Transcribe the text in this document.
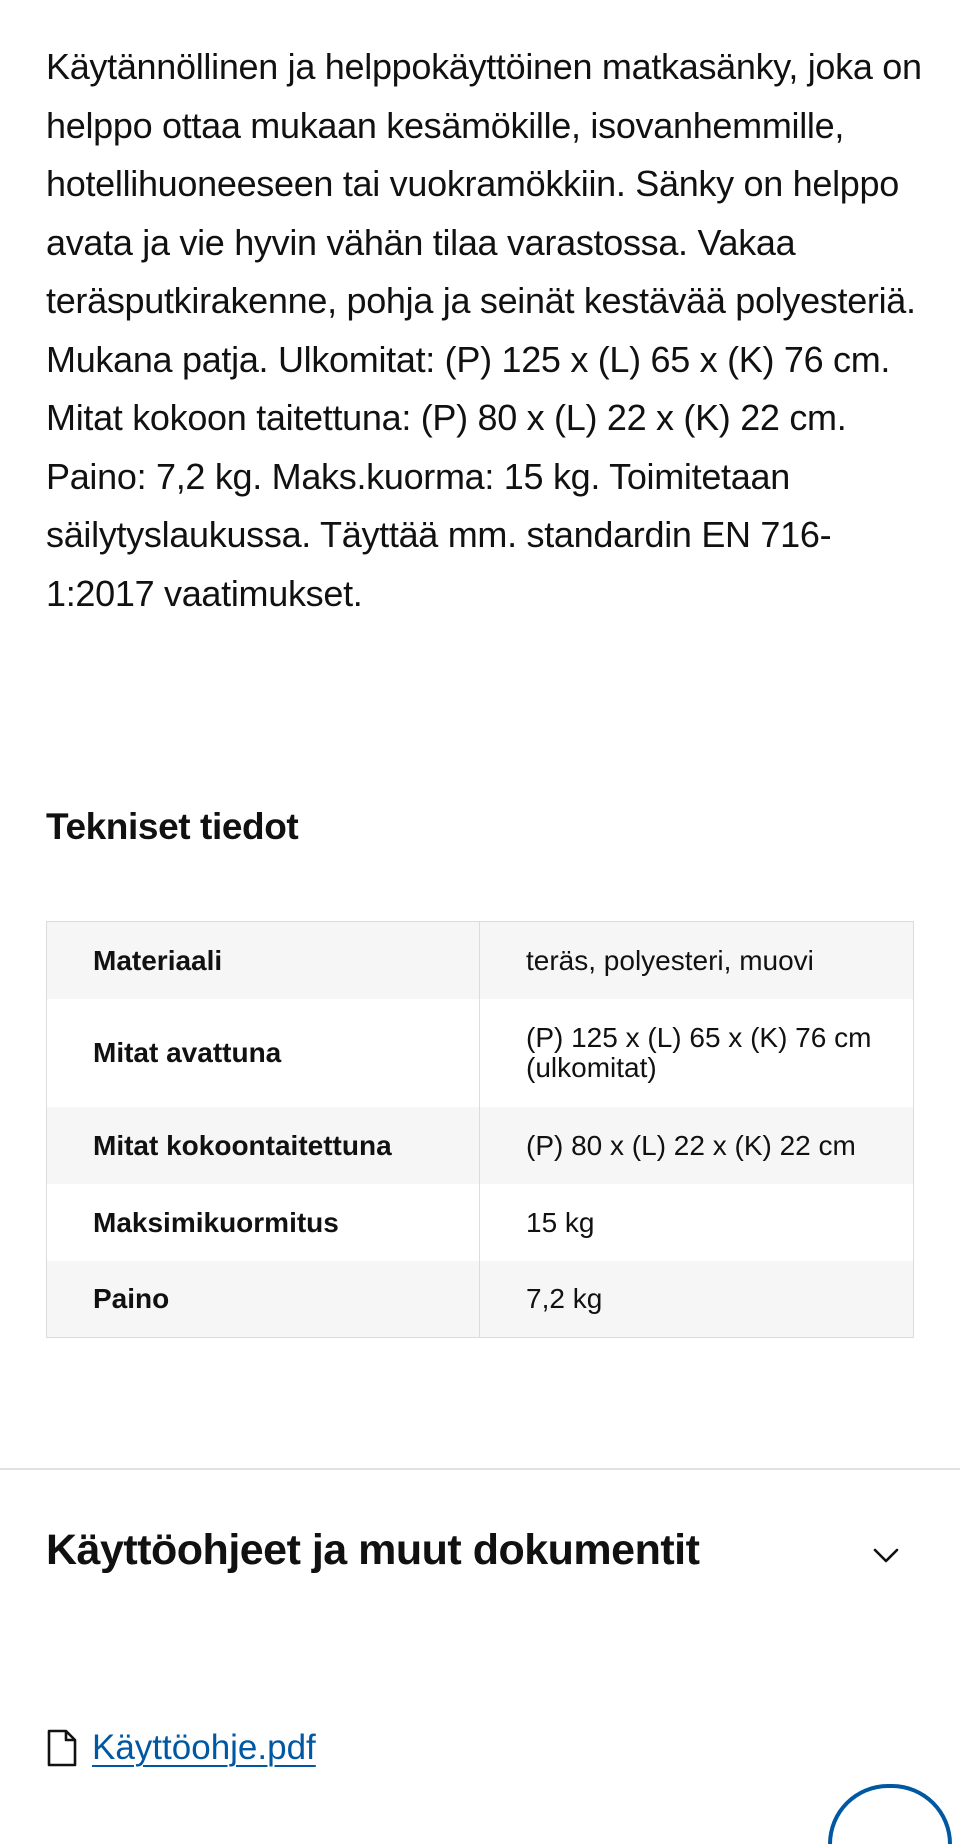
Käytännöllinen ja helppokäyttöinen matkasänky, joka on helppo ottaa mukaan kesämökille, isovanhemmille, hotellihuoneeseen tai vuokramökkiin. Sänky on helppo avata ja vie hyvin vähän tilaa varastossa. Vakaa teräsputkirakenne, pohja ja seinät kestävää polyesteriä. Mukana patja. Ulkomitat: (P) 125 x (L) 65 x (K) 76 cm. Mitat kokoon taitettuna: (P) 80 x (L) 22 x (K) 22 cm. Paino: 7,2 kg. Maks.kuorma: 15 kg. Toimitetaan säilytyslaukussa. Täyttää mm. standardin EN 716-1:2017 vaatimukset.

Tekniset tiedot
Materiaali	teräs, polyesteri, muovi
Mitat avattuna	(P) 125 x (L) 65 x (K) 76 cm (ulkomitat)
Mitat kokoontaitettuna	(P) 80 x (L) 22 x (K) 22 cm
Maksimikuormitus	15 kg
Paino	7,2 kg
Käyttöohjeet ja muut dokumentit
Käyttöohje.pdf
